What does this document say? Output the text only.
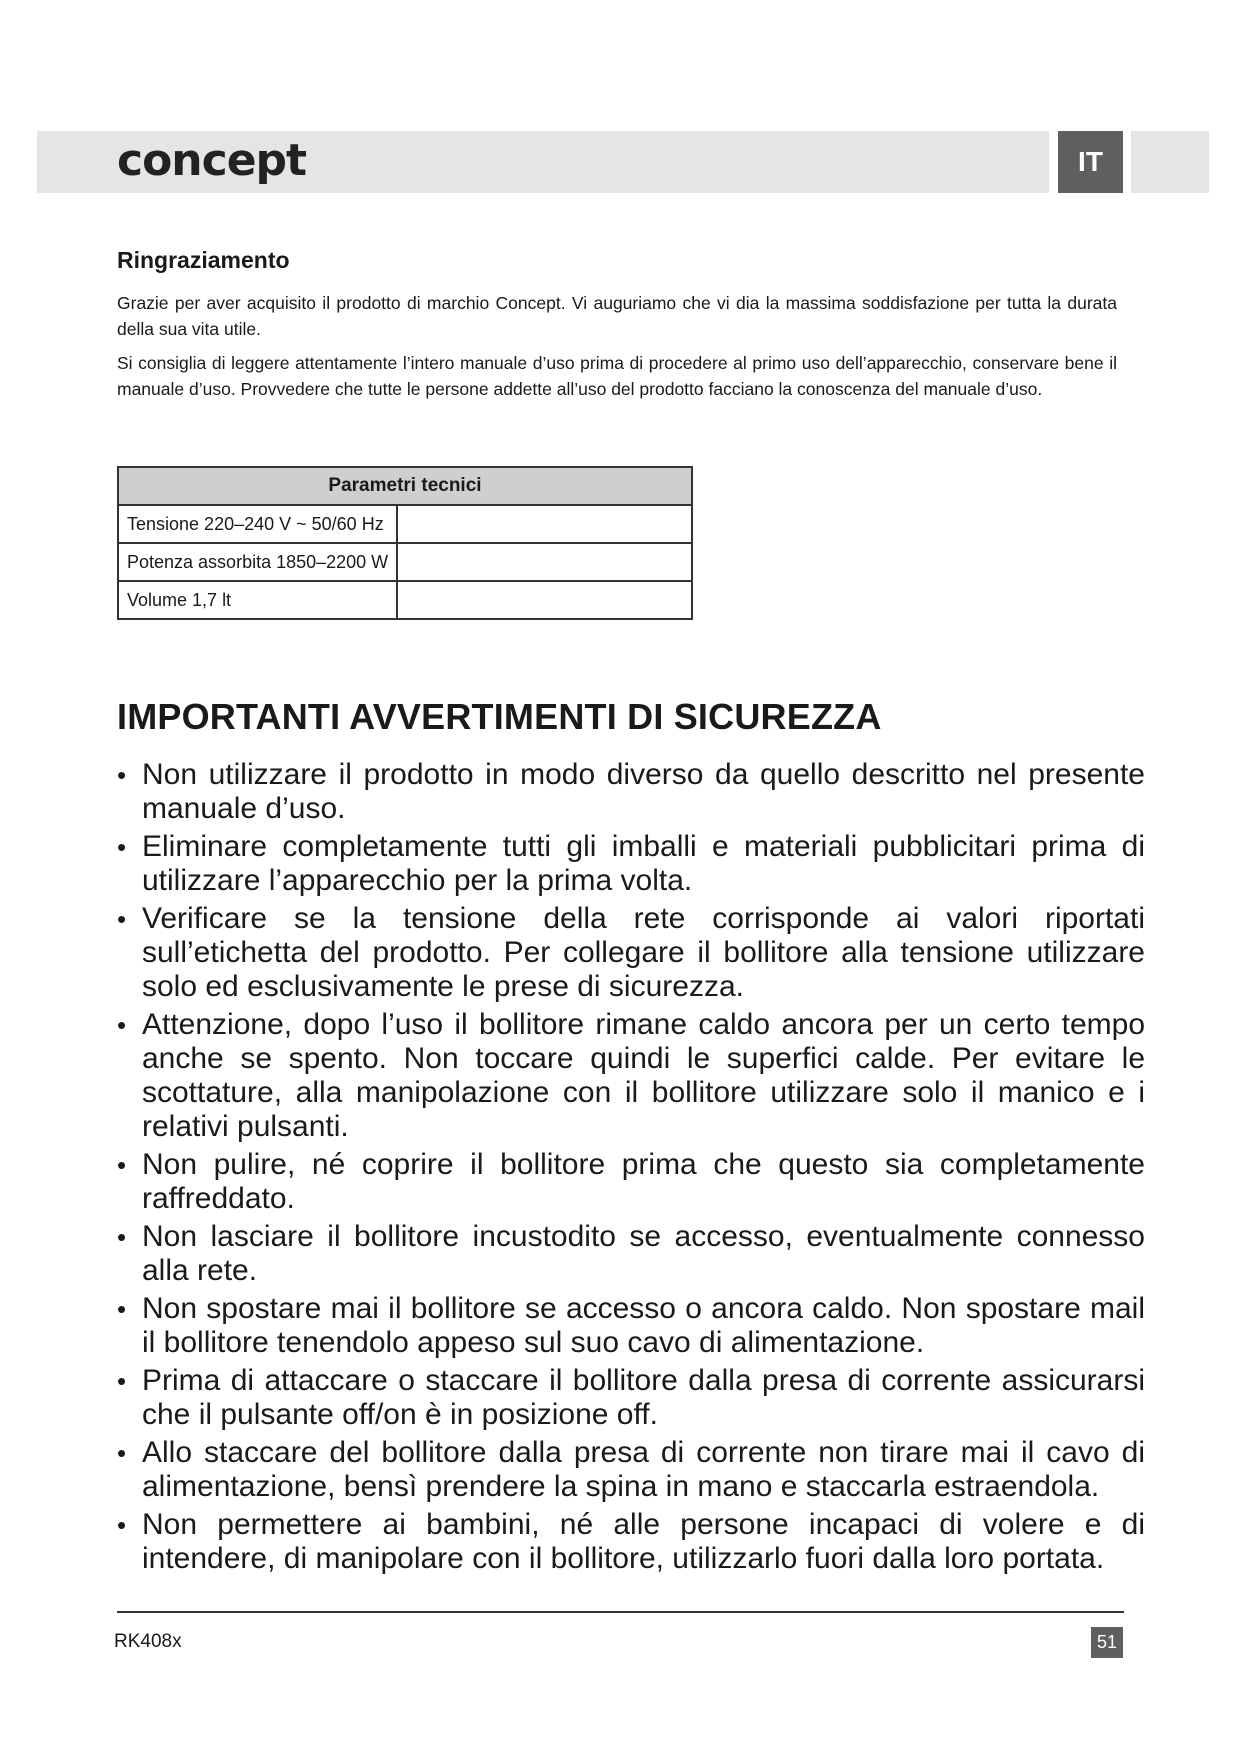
concept	IT
Ringraziamento
Grazie per aver acquisito il prodotto di marchio Concept. Vi auguriamo che vi dia la massima soddisfazione per tutta la durata della sua vita utile.
Si consiglia di leggere attentamente l’intero manuale d’uso prima di procedere al primo uso dell’apparecchio, conservare bene il manuale d’uso. Provvedere che tutte le persone addette all’uso del prodotto facciano la conoscenza del manuale d’uso.
Parametri tecnici	
Tensione 220–240 V ~ 50/60 Hz	
Potenza assorbita 1850–2200 W	
Volume 1,7 lt	
IMPORTANTI AVVERTIMENTI DI SICUREZZA
• Non utilizzare il prodotto in modo diverso da quello descritto nel presente manuale d’uso.
• Eliminare completamente tutti gli imballi e materiali pubblicitari prima di utilizzare l’apparecchio per la prima volta.
• Verificare se la tensione della rete corrisponde ai valori riportati sull’etichetta del prodotto. Per collegare il bollitore alla tensione utilizzare solo ed esclusivamente le prese di sicurezza.
• Attenzione, dopo l’uso il bollitore rimane caldo ancora per un certo tempo anche se spento. Non toccare quindi le superfici calde. Per evitare le scottature, alla manipolazione con il bollitore utilizzare solo il manico e i relativi pulsanti.
• Non pulire, né coprire il bollitore prima che questo sia completamente raffreddato.
• Non lasciare il bollitore incustodito se accesso, eventualmente connesso alla rete.
• Non spostare mai il bollitore se accesso o ancora caldo. Non spostare mail il bollitore tenendolo appeso sul suo cavo di alimentazione.
• Prima di attaccare o staccare il bollitore dalla presa di corrente assicurarsi che il pulsante off/on è in posizione off.
• Allo staccare del bollitore dalla presa di corrente non tirare mai il cavo di alimentazione, bensì prendere la spina in mano e staccarla estraendola.
• Non permettere ai bambini, né alle persone incapaci di volere e di intendere, di manipolare con il bollitore, utilizzarlo fuori dalla loro portata.
RK408x	51
